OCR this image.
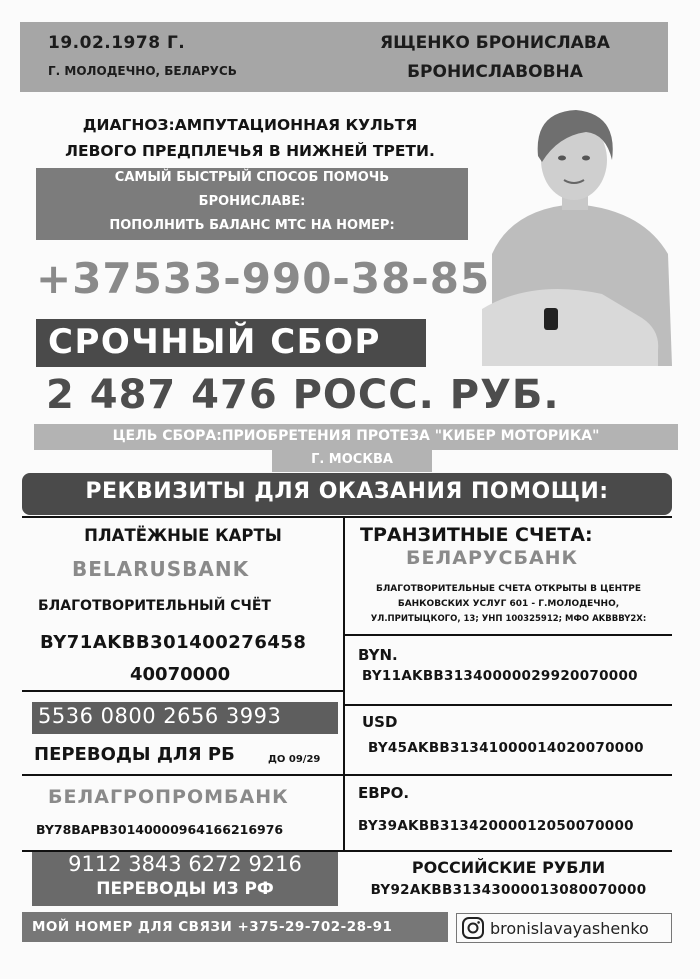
19.02.1978 Г.
Г. МОЛОДЕЧНО, БЕЛАРУСЬ
ЯЩЕНКО БРОНИСЛАВА
БРОНИСЛАВОВНА
ДИАГНОЗ:АМПУТАЦИОННАЯ КУЛЬТЯ
ЛЕВОГО ПРЕДПЛЕЧЬЯ В НИЖНЕЙ ТРЕТИ.
САМЫЙ БЫСТРЫЙ СПОСОБ ПОМОЧЬ
БРОНИСЛАВЕ:
ПОПОЛНИТЬ БАЛАНС МТС НА НОМЕР:
+37533-990-38-85
СРОЧНЫЙ СБОР
2 487 476 РОСС. РУБ.
ЦЕЛЬ СБОРА:ПРИОБРЕТЕНИЯ ПРОТЕЗА "КИБЕР МОТОРИКА"
Г. МОСКВА
РЕКВИЗИТЫ ДЛЯ ОКАЗАНИЯ ПОМОЩИ:
ПЛАТЁЖНЫЕ КАРТЫ
BELARUSBANK
БЛАГОТВОРИТЕЛЬНЫЙ СЧЁТ
BY71AKBB301400276458
40070000
5536 0800 2656 3993
ПЕРЕВОДЫ ДЛЯ РБ	ДО 09/29
БЕЛАГРОПРОМБАНК
BY78BAPB30140000964166216976
9112 3843 6272 9216
ПЕРЕВОДЫ ИЗ РФ
ТРАНЗИТНЫЕ СЧЕТА:
БЕЛАРУСБАНК
БЛАГОТВОРИТЕЛЬНЫЕ СЧЕТА ОТКРЫТЫ В ЦЕНТРЕ
БАНКОВСКИХ УСЛУГ 601 - Г.МОЛОДЕЧНО,
УЛ.ПРИТЫЦКОГО, 13; УНП 100325912; МФО AKBBBY2X:
BYN.
BY11AKBB31340000029920070000
USD
BY45AKBB31341000014020070000
ЕВРО.
BY39AKBB31342000012050070000
РОССИЙСКИЕ РУБЛИ
BY92AKBB31343000013080070000
МОЙ НОМЕР ДЛЯ СВЯЗИ +375-29-702-28-91	bronislavayashenko
